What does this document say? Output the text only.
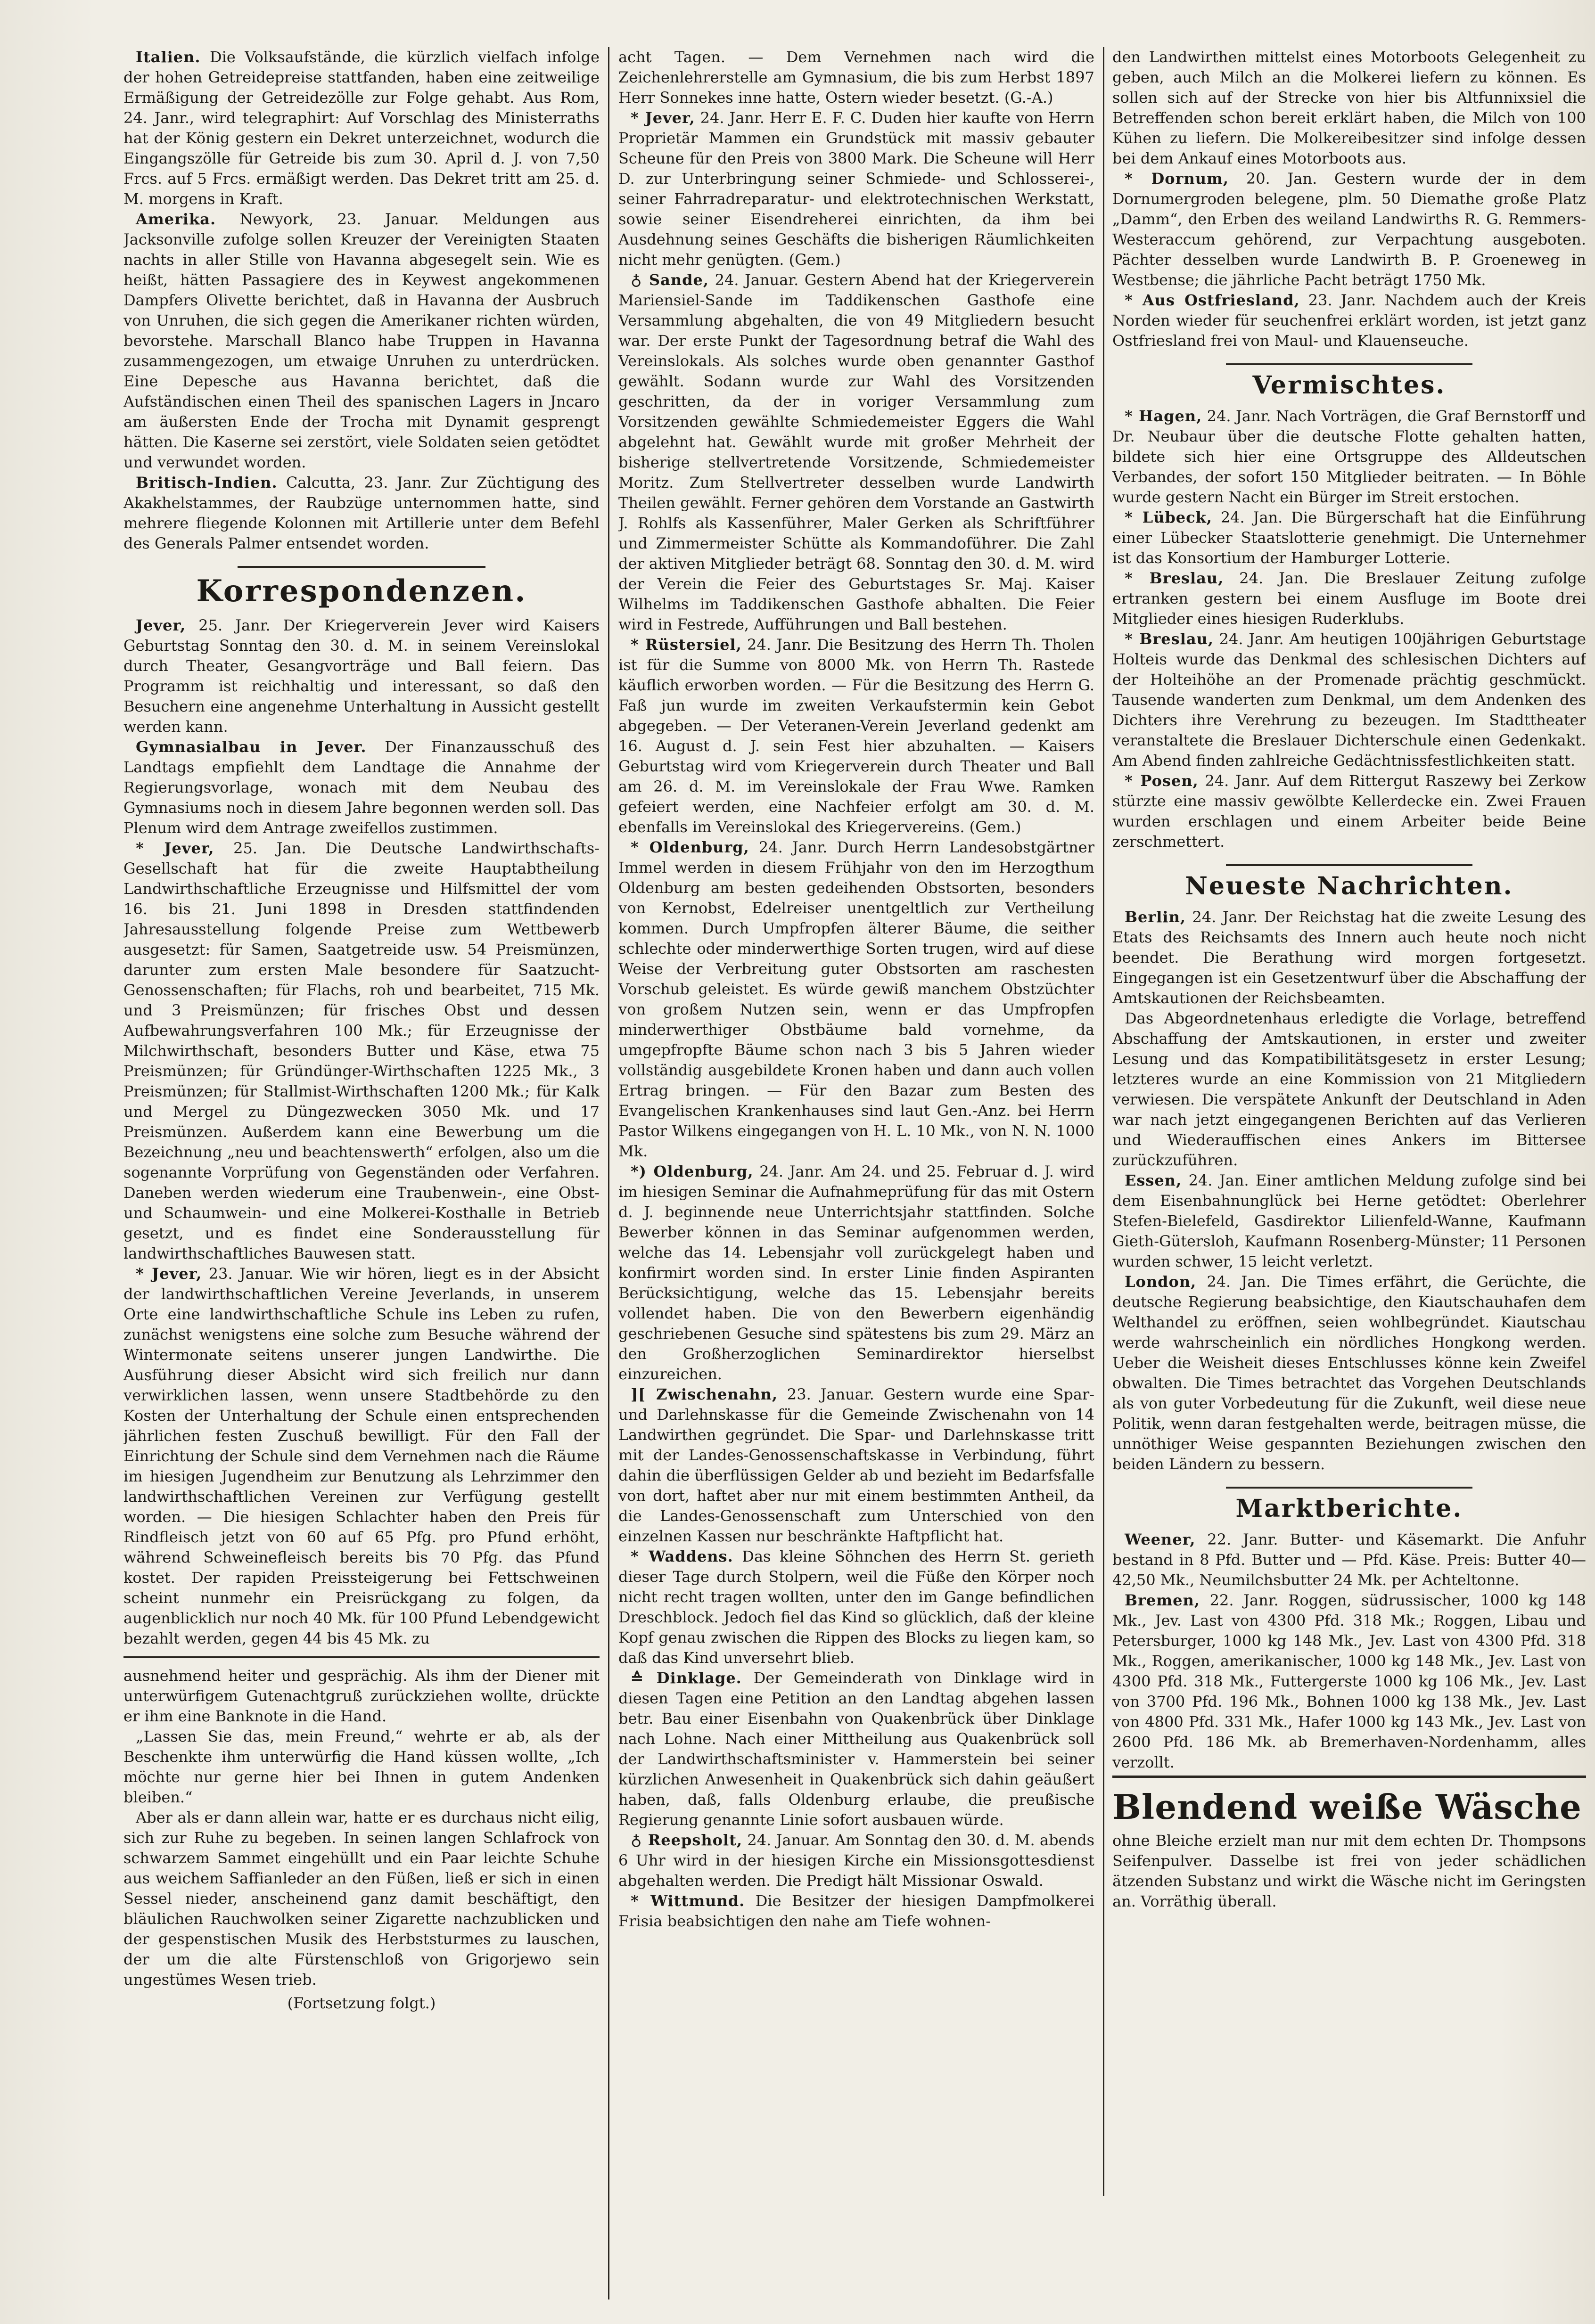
Italien. Die Volksaufstände, die kürzlich vielfach infolge der hohen Getreidepreise stattfanden, haben eine zeitweilige Ermäßigung der Getreidezölle zur Folge gehabt. Aus Rom, 24. Janr., wird telegraphirt: Auf Vorschlag des Ministerraths hat der König gestern ein Dekret unterzeichnet, wodurch die Eingangszölle für Getreide bis zum 30. April d. J. von 7,50 Frcs. auf 5 Frcs. ermäßigt werden. Das Dekret tritt am 25. d. M. morgens in Kraft.

Amerika. Newyork, 23. Januar. Meldungen aus Jacksonville zufolge sollen Kreuzer der Vereinigten Staaten nachts in aller Stille von Havanna abgesegelt sein. Wie es heißt, hätten Passagiere des in Keywest angekommenen Dampfers Olivette berichtet, daß in Havanna der Ausbruch von Unruhen, die sich gegen die Amerikaner richten würden, bevorstehe. Marschall Blanco habe Truppen in Havanna zusammengezogen, um etwaige Unruhen zu unterdrücken. Eine Depesche aus Havanna berichtet, daß die Aufständischen einen Theil des spanischen Lagers in Jncaro am äußersten Ende der Trocha mit Dynamit gesprengt hätten. Die Kaserne sei zerstört, viele Soldaten seien getödtet und verwundet worden.

Britisch-Indien. Calcutta, 23. Janr. Zur Züchtigung des Akakhelstammes, der Raubzüge unternommen hatte, sind mehrere fliegende Kolonnen mit Artillerie unter dem Befehl des Generals Palmer entsendet worden.

Korrespondenzen.

Jever, 25. Janr. Der Kriegerverein Jever wird Kaisers Geburtstag Sonntag den 30. d. M. in seinem Vereinslokal durch Theater, Gesangvorträge und Ball feiern. Das Programm ist reichhaltig und interessant, so daß den Besuchern eine angenehme Unterhaltung in Aussicht gestellt werden kann.

Gymnasialbau in Jever. Der Finanzausschuß des Landtags empfiehlt dem Landtage die Annahme der Regierungsvorlage, wonach mit dem Neubau des Gymnasiums noch in diesem Jahre begonnen werden soll. Das Plenum wird dem Antrage zweifellos zustimmen.

* Jever, 25. Jan. Die Deutsche Landwirthschafts-Gesellschaft hat für die zweite Hauptabtheilung Landwirthschaftliche Erzeugnisse und Hilfsmittel der vom 16. bis 21. Juni 1898 in Dresden stattfindenden Jahresausstellung folgende Preise zum Wettbewerb ausgesetzt: für Samen, Saatgetreide usw. 54 Preismünzen, darunter zum ersten Male besondere für Saatzucht-Genossenschaften; für Flachs, roh und bearbeitet, 715 Mk. und 3 Preismünzen; für frisches Obst und dessen Aufbewahrungsverfahren 100 Mk.; für Erzeugnisse der Milchwirthschaft, besonders Butter und Käse, etwa 75 Preismünzen; für Gründünger-Wirthschaften 1225 Mk., 3 Preismünzen; für Stallmist-Wirthschaften 1200 Mk.; für Kalk und Mergel zu Düngezwecken 3050 Mk. und 17 Preismünzen. Außerdem kann eine Bewerbung um die Bezeichnung „neu und beachtenswerth“ erfolgen, also um die sogenannte Vorprüfung von Gegenständen oder Verfahren. Daneben werden wiederum eine Traubenwein-, eine Obst- und Schaumwein- und eine Molkerei-Kosthalle in Betrieb gesetzt, und es findet eine Sonderausstellung für landwirthschaftliches Bauwesen statt.

* Jever, 23. Januar. Wie wir hören, liegt es in der Absicht der landwirthschaftlichen Vereine Jeverlands, in unserem Orte eine landwirthschaftliche Schule ins Leben zu rufen, zunächst wenigstens eine solche zum Besuche während der Wintermonate seitens unserer jungen Landwirthe. Die Ausführung dieser Absicht wird sich freilich nur dann verwirklichen lassen, wenn unsere Stadtbehörde zu den Kosten der Unterhaltung der Schule einen entsprechenden jährlichen festen Zuschuß bewilligt. Für den Fall der Einrichtung der Schule sind dem Vernehmen nach die Räume im hiesigen Jugendheim zur Benutzung als Lehrzimmer den landwirthschaftlichen Vereinen zur Verfügung gestellt worden. — Die hiesigen Schlachter haben den Preis für Rindfleisch jetzt von 60 auf 65 Pfg. pro Pfund erhöht, während Schweinefleisch bereits bis 70 Pfg. das Pfund kostet. Der rapiden Preissteigerung bei Fettschweinen scheint nunmehr ein Preisrückgang zu folgen, da augenblicklich nur noch 40 Mk. für 100 Pfund Lebendgewicht bezahlt werden, gegen 44 bis 45 Mk. zu

ausnehmend heiter und gesprächig. Als ihm der Diener mit unterwürfigem Gutenachtgruß zurückziehen wollte, drückte er ihm eine Banknote in die Hand.

„Lassen Sie das, mein Freund,“ wehrte er ab, als der Beschenkte ihm unterwürfig die Hand küssen wollte, „Ich möchte nur gerne hier bei Ihnen in gutem Andenken bleiben.“

Aber als er dann allein war, hatte er es durchaus nicht eilig, sich zur Ruhe zu begeben. In seinen langen Schlafrock von schwarzem Sammet eingehüllt und ein Paar leichte Schuhe aus weichem Saffianleder an den Füßen, ließ er sich in einen Sessel nieder, anscheinend ganz damit beschäftigt, den bläulichen Rauchwolken seiner Zigarette nachzublicken und der gespenstischen Musik des Herbststurmes zu lauschen, der um die alte Fürstenschloß von Grigorjewo sein ungestümes Wesen trieb.

(Fortsetzung folgt.)

acht Tagen. — Dem Vernehmen nach wird die Zeichenlehrerstelle am Gymnasium, die bis zum Herbst 1897 Herr Sonnekes inne hatte, Ostern wieder besetzt. (G.-A.)

* Jever, 24. Janr. Herr E. F. C. Duden hier kaufte von Herrn Proprietär Mammen ein Grundstück mit massiv gebauter Scheune für den Preis von 3800 Mark. Die Scheune will Herr D. zur Unterbringung seiner Schmiede- und Schlosserei-, seiner Fahrradreparatur- und elektrotechnischen Werkstatt, sowie seiner Eisendreherei einrichten, da ihm bei Ausdehnung seines Geschäfts die bisherigen Räumlichkeiten nicht mehr genügten. (Gem.)

♁ Sande, 24. Januar. Gestern Abend hat der Kriegerverein Mariensiel-Sande im Taddikenschen Gasthofe eine Versammlung abgehalten, die von 49 Mitgliedern besucht war. Der erste Punkt der Tagesordnung betraf die Wahl des Vereinslokals. Als solches wurde oben genannter Gasthof gewählt. Sodann wurde zur Wahl des Vorsitzenden geschritten, da der in voriger Versammlung zum Vorsitzenden gewählte Schmiedemeister Eggers die Wahl abgelehnt hat. Gewählt wurde mit großer Mehrheit der bisherige stellvertretende Vorsitzende, Schmiedemeister Moritz. Zum Stellvertreter desselben wurde Landwirth Theilen gewählt. Ferner gehören dem Vorstande an Gastwirth J. Rohlfs als Kassenführer, Maler Gerken als Schriftführer und Zimmermeister Schütte als Kommandoführer. Die Zahl der aktiven Mitglieder beträgt 68. Sonntag den 30. d. M. wird der Verein die Feier des Geburtstages Sr. Maj. Kaiser Wilhelms im Taddikenschen Gasthofe abhalten. Die Feier wird in Festrede, Aufführungen und Ball bestehen.

* Rüstersiel, 24. Janr. Die Besitzung des Herrn Th. Tholen ist für die Summe von 8000 Mk. von Herrn Th. Rastede käuflich erworben worden. — Für die Besitzung des Herrn G. Faß jun wurde im zweiten Verkaufstermin kein Gebot abgegeben. — Der Veteranen-Verein Jeverland gedenkt am 16. August d. J. sein Fest hier abzuhalten. — Kaisers Geburtstag wird vom Kriegerverein durch Theater und Ball am 26. d. M. im Vereinslokale der Frau Wwe. Ramken gefeiert werden, eine Nachfeier erfolgt am 30. d. M. ebenfalls im Vereinslokal des Kriegervereins. (Gem.)

* Oldenburg, 24. Janr. Durch Herrn Landesobstgärtner Immel werden in diesem Frühjahr von den im Herzogthum Oldenburg am besten gedeihenden Obstsorten, besonders von Kernobst, Edelreiser unentgeltlich zur Vertheilung kommen. Durch Umpfropfen älterer Bäume, die seither schlechte oder minderwerthige Sorten trugen, wird auf diese Weise der Verbreitung guter Obstsorten am raschesten Vorschub geleistet. Es würde gewiß manchem Obstzüchter von großem Nutzen sein, wenn er das Umpfropfen minderwerthiger Obstbäume bald vornehme, da umgepfropfte Bäume schon nach 3 bis 5 Jahren wieder vollständig ausgebildete Kronen haben und dann auch vollen Ertrag bringen. — Für den Bazar zum Besten des Evangelischen Krankenhauses sind laut Gen.-Anz. bei Herrn Pastor Wilkens eingegangen von H. L. 10 Mk., von N. N. 1000 Mk.

*) Oldenburg, 24. Janr. Am 24. und 25. Februar d. J. wird im hiesigen Seminar die Aufnahmeprüfung für das mit Ostern d. J. beginnende neue Unterrichtsjahr stattfinden. Solche Bewerber können in das Seminar aufgenommen werden, welche das 14. Lebensjahr voll zurückgelegt haben und konfirmirt worden sind. In erster Linie finden Aspiranten Berücksichtigung, welche das 15. Lebensjahr bereits vollendet haben. Die von den Bewerbern eigenhändig geschriebenen Gesuche sind spätestens bis zum 29. März an den Großherzoglichen Seminardirektor hierselbst einzureichen.

][ Zwischenahn, 23. Januar. Gestern wurde eine Spar- und Darlehnskasse für die Gemeinde Zwischenahn von 14 Landwirthen gegründet. Die Spar- und Darlehnskasse tritt mit der Landes-Genossenschaftskasse in Verbindung, führt dahin die überflüssigen Gelder ab und bezieht im Bedarfsfalle von dort, haftet aber nur mit einem bestimmten Antheil, da die Landes-Genossenschaft zum Unterschied von den einzelnen Kassen nur beschränkte Haftpflicht hat.

* Waddens. Das kleine Söhnchen des Herrn St. gerieth dieser Tage durch Stolpern, weil die Füße den Körper noch nicht recht tragen wollten, unter den im Gange befindlichen Dreschblock. Jedoch fiel das Kind so glücklich, daß der kleine Kopf genau zwischen die Rippen des Blocks zu liegen kam, so daß das Kind unversehrt blieb.

≙ Dinklage. Der Gemeinderath von Dinklage wird in diesen Tagen eine Petition an den Landtag abgehen lassen betr. Bau einer Eisenbahn von Quakenbrück über Dinklage nach Lohne. Nach einer Mittheilung aus Quakenbrück soll der Landwirthschaftsminister v. Hammerstein bei seiner kürzlichen Anwesenheit in Quakenbrück sich dahin geäußert haben, daß, falls Oldenburg erlaube, die preußische Regierung genannte Linie sofort ausbauen würde.

♁ Reepsholt, 24. Januar. Am Sonntag den 30. d. M. abends 6 Uhr wird in der hiesigen Kirche ein Missionsgottesdienst abgehalten werden. Die Predigt hält Missionar Oswald.

* Wittmund. Die Besitzer der hiesigen Dampfmolkerei Frisia beabsichtigen den nahe am Tiefe wohnen-

den Landwirthen mittelst eines Motorboots Gelegenheit zu geben, auch Milch an die Molkerei liefern zu können. Es sollen sich auf der Strecke von hier bis Altfunnixsiel die Betreffenden schon bereit erklärt haben, die Milch von 100 Kühen zu liefern. Die Molkereibesitzer sind infolge dessen bei dem Ankauf eines Motorboots aus.

* Dornum, 20. Jan. Gestern wurde der in dem Dornumergroden belegene, plm. 50 Diemathe große Platz „Damm“, den Erben des weiland Landwirths R. G. Remmers-Westeraccum gehörend, zur Verpachtung ausgeboten. Pächter desselben wurde Landwirth B. P. Groeneweg in Westbense; die jährliche Pacht beträgt 1750 Mk.

* Aus Ostfriesland, 23. Janr. Nachdem auch der Kreis Norden wieder für seuchenfrei erklärt worden, ist jetzt ganz Ostfriesland frei von Maul- und Klauenseuche.

Vermischtes.

* Hagen, 24. Janr. Nach Vorträgen, die Graf Bernstorff und Dr. Neubaur über die deutsche Flotte gehalten hatten, bildete sich hier eine Ortsgruppe des Alldeutschen Verbandes, der sofort 150 Mitglieder beitraten. — In Böhle wurde gestern Nacht ein Bürger im Streit erstochen.

* Lübeck, 24. Jan. Die Bürgerschaft hat die Einführung einer Lübecker Staatslotterie genehmigt. Die Unternehmer ist das Konsortium der Hamburger Lotterie.

* Breslau, 24. Jan. Die Breslauer Zeitung zufolge ertranken gestern bei einem Ausfluge im Boote drei Mitglieder eines hiesigen Ruderklubs.

* Breslau, 24. Janr. Am heutigen 100jährigen Geburtstage Holteis wurde das Denkmal des schlesischen Dichters auf der Holteihöhe an der Promenade prächtig geschmückt. Tausende wanderten zum Denkmal, um dem Andenken des Dichters ihre Verehrung zu bezeugen. Im Stadttheater veranstaltete die Breslauer Dichterschule einen Gedenkakt. Am Abend finden zahlreiche Gedächtnissfestlichkeiten statt.

* Posen, 24. Janr. Auf dem Rittergut Raszewy bei Zerkow stürzte eine massiv gewölbte Kellerdecke ein. Zwei Frauen wurden erschlagen und einem Arbeiter beide Beine zerschmettert.

Neueste Nachrichten.

Berlin, 24. Janr. Der Reichstag hat die zweite Lesung des Etats des Reichsamts des Innern auch heute noch nicht beendet. Die Berathung wird morgen fortgesetzt. Eingegangen ist ein Gesetzentwurf über die Abschaffung der Amtskautionen der Reichsbeamten.

Das Abgeordnetenhaus erledigte die Vorlage, betreffend Abschaffung der Amtskautionen, in erster und zweiter Lesung und das Kompatibilitätsgesetz in erster Lesung; letzteres wurde an eine Kommission von 21 Mitgliedern verwiesen. Die verspätete Ankunft der Deutschland in Aden war nach jetzt eingegangenen Berichten auf das Verlieren und Wiederauffischen eines Ankers im Bittersee zurückzuführen.

Essen, 24. Jan. Einer amtlichen Meldung zufolge sind bei dem Eisenbahnunglück bei Herne getödtet: Oberlehrer Stefen-Bielefeld, Gasdirektor Lilienfeld-Wanne, Kaufmann Gieth-Gütersloh, Kaufmann Rosenberg-Münster; 11 Personen wurden schwer, 15 leicht verletzt.

London, 24. Jan. Die Times erfährt, die Gerüchte, die deutsche Regierung beabsichtige, den Kiautschauhafen dem Welthandel zu eröffnen, seien wohlbegründet. Kiautschau werde wahrscheinlich ein nördliches Hongkong werden. Ueber die Weisheit dieses Entschlusses könne kein Zweifel obwalten. Die Times betrachtet das Vorgehen Deutschlands als von guter Vorbedeutung für die Zukunft, weil diese neue Politik, wenn daran festgehalten werde, beitragen müsse, die unnöthiger Weise gespannten Beziehungen zwischen den beiden Ländern zu bessern.

Marktberichte.

Weener, 22. Janr. Butter- und Käsemarkt. Die Anfuhr bestand in 8 Pfd. Butter und — Pfd. Käse. Preis: Butter 40—42,50 Mk., Neumilchsbutter 24 Mk. per Achteltonne.

Bremen, 22. Janr. Roggen, südrussischer, 1000 kg 148 Mk., Jev. Last von 4300 Pfd. 318 Mk.; Roggen, Libau und Petersburger, 1000 kg 148 Mk., Jev. Last von 4300 Pfd. 318 Mk., Roggen, amerikanischer, 1000 kg 148 Mk., Jev. Last von 4300 Pfd. 318 Mk., Futtergerste 1000 kg 106 Mk., Jev. Last von 3700 Pfd. 196 Mk., Bohnen 1000 kg 138 Mk., Jev. Last von 4800 Pfd. 331 Mk., Hafer 1000 kg 143 Mk., Jev. Last von 2600 Pfd. 186 Mk. ab Bremerhaven-Nordenhamm, alles verzollt.

Blendend weiße Wäsche

ohne Bleiche erzielt man nur mit dem echten Dr. Thompsons Seifenpulver. Dasselbe ist frei von jeder schädlichen ätzenden Substanz und wirkt die Wäsche nicht im Geringsten an. Vorräthig überall.
